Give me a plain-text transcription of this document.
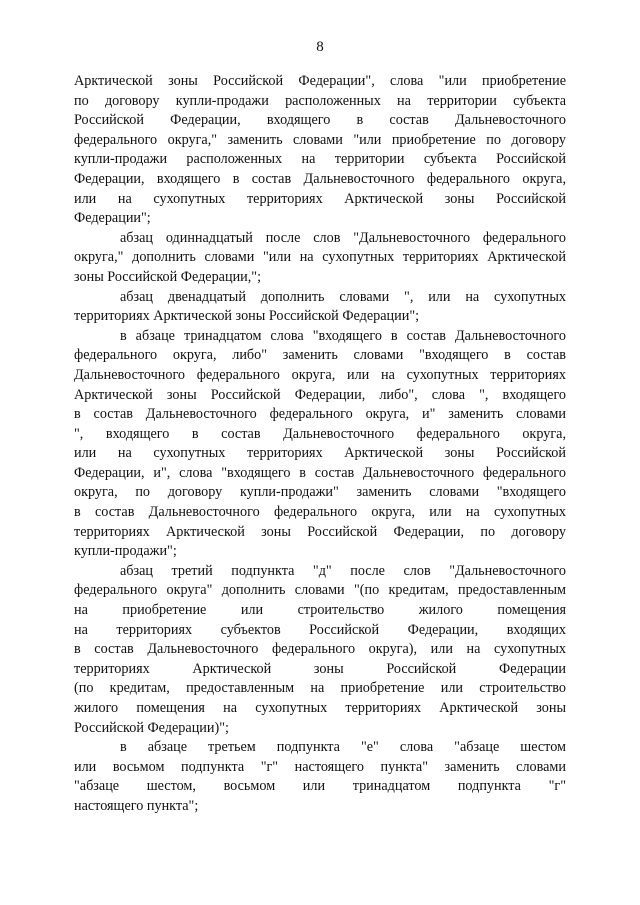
8
Арктической зоны Российской Федерации", слова "или приобретение
по договору купли-продажи расположенных на территории субъекта
Российской Федерации, входящего в состав Дальневосточного
федерального округа," заменить словами "или приобретение по договору
купли-продажи расположенных на территории субъекта Российской
Федерации, входящего в состав Дальневосточного федерального округа,
или на сухопутных территориях Арктической зоны Российской
Федерации";
абзац одиннадцатый после слов "Дальневосточного федерального
округа," дополнить словами "или на сухопутных территориях Арктической
зоны Российской Федерации,";
абзац двенадцатый дополнить словами ", или на сухопутных
территориях Арктической зоны Российской Федерации";
в абзаце тринадцатом слова "входящего в состав Дальневосточного
федерального округа, либо" заменить словами "входящего в состав
Дальневосточного федерального округа, или на сухопутных территориях
Арктической зоны Российской Федерации, либо", слова ", входящего
в состав Дальневосточного федерального округа, и" заменить словами
", входящего в состав Дальневосточного федерального округа,
или на сухопутных территориях Арктической зоны Российской
Федерации, и", слова "входящего в состав Дальневосточного федерального
округа, по договору купли-продажи" заменить словами "входящего
в состав Дальневосточного федерального округа, или на сухопутных
территориях Арктической зоны Российской Федерации, по договору
купли-продажи";
абзац третий подпункта "д" после слов "Дальневосточного
федерального округа" дополнить словами "(по кредитам, предоставленным
на приобретение или строительство жилого помещения
на территориях субъектов Российской Федерации, входящих
в состав Дальневосточного федерального округа), или на сухопутных
территориях Арктической зоны Российской Федерации
(по кредитам, предоставленным на приобретение или строительство
жилого помещения на сухопутных территориях Арктической зоны
Российской Федерации)";
в абзаце третьем подпункта "е" слова "абзаце шестом
или восьмом подпункта "г" настоящего пункта" заменить словами
"абзаце шестом, восьмом или тринадцатом подпункта "г"
настоящего пункта";
